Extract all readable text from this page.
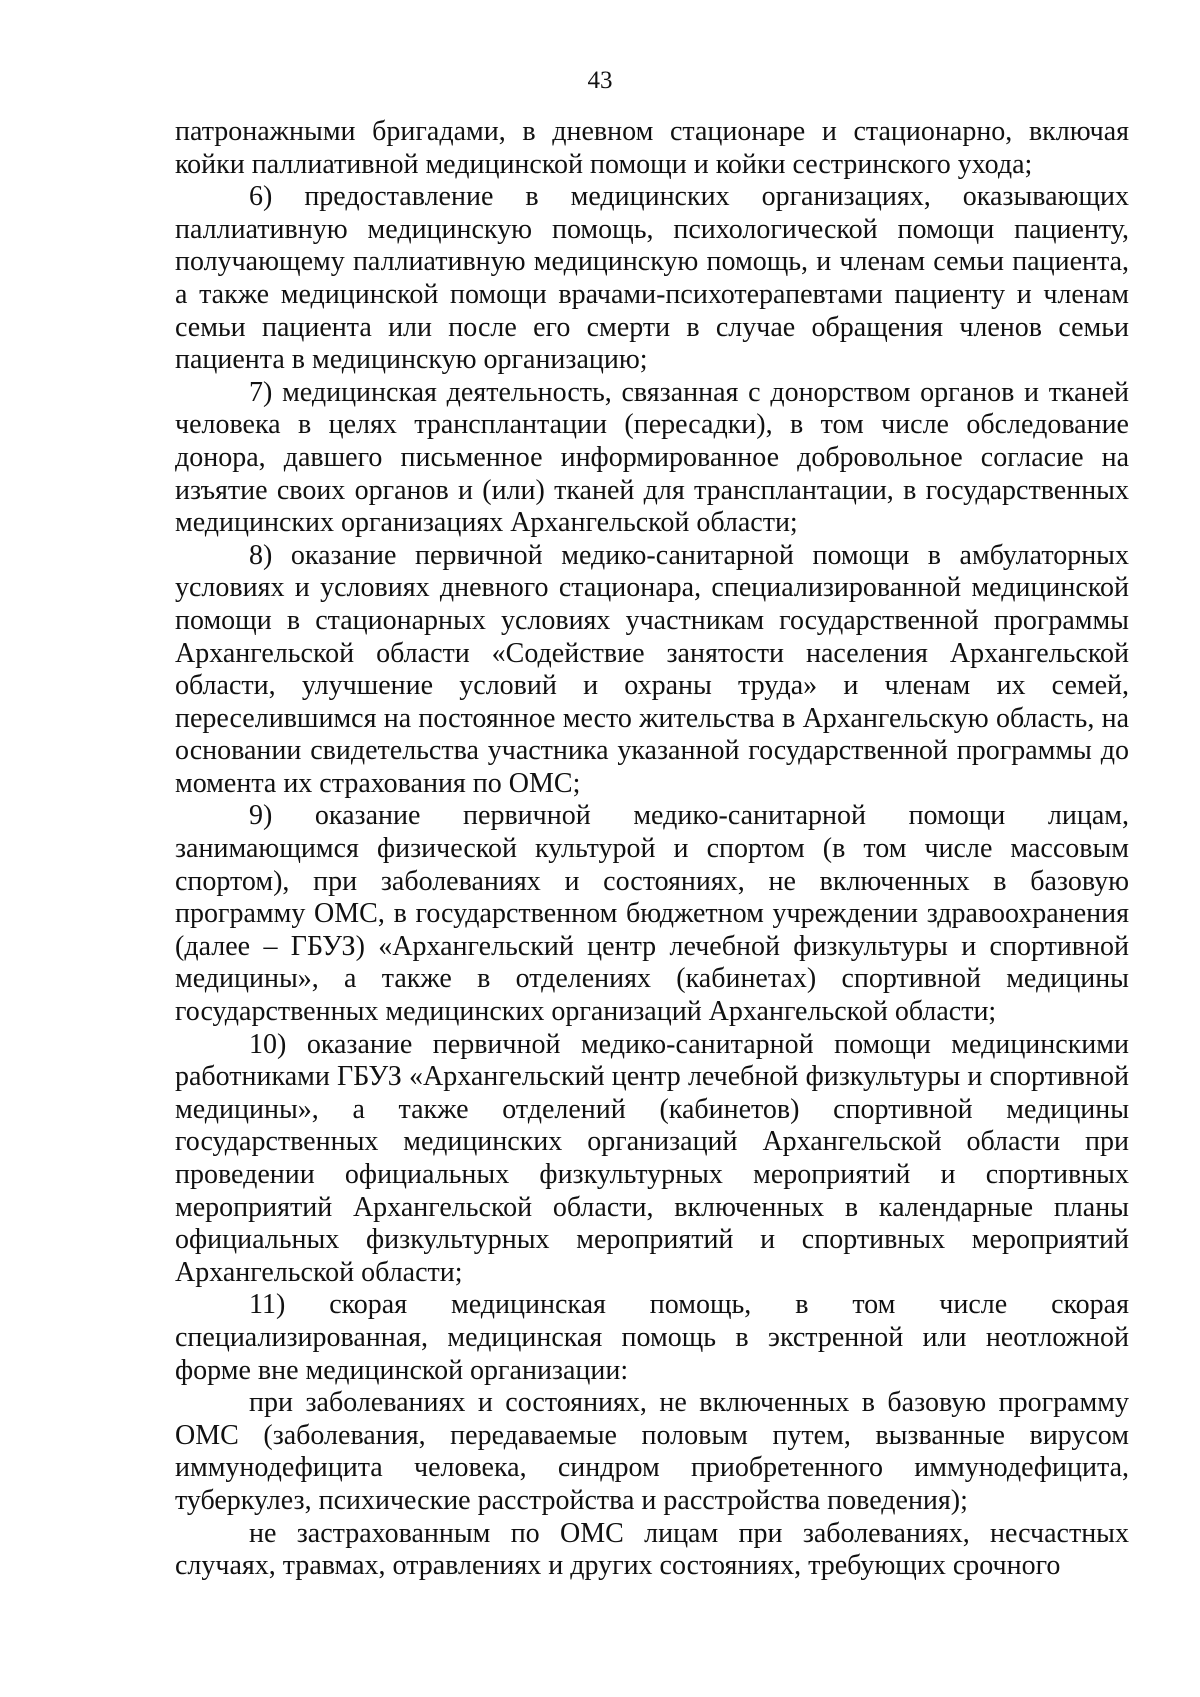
43

патронажными бригадами, в дневном стационаре и стационарно, включая койки паллиативной медицинской помощи и койки сестринского ухода;

6) предоставление в медицинских организациях, оказывающих паллиативную медицинскую помощь, психологической помощи пациенту, получающему паллиативную медицинскую помощь, и членам семьи пациента, а также медицинской помощи врачами-психотерапевтами пациенту и членам семьи пациента или после его смерти в случае обращения членов семьи пациента в медицинскую организацию;

7) медицинская деятельность, связанная с донорством органов и тканей человека в целях трансплантации (пересадки), в том числе обследование донора, давшего письменное информированное добровольное согласие на изъятие своих органов и (или) тканей для трансплантации, в государственных медицинских организациях Архангельской области;

8) оказание первичной медико-санитарной помощи в амбулаторных условиях и условиях дневного стационара, специализированной медицинской помощи в стационарных условиях участникам государственной программы Архангельской области «Содействие занятости населения Архангельской области, улучшение условий и охраны труда» и членам их семей, переселившимся на постоянное место жительства в Архангельскую область, на основании свидетельства участника указанной государственной программы до момента их страхования по ОМС;

9) оказание первичной медико-санитарной помощи лицам, занимающимся физической культурой и спортом (в том числе массовым спортом), при заболеваниях и состояниях, не включенных в базовую программу ОМС, в государственном бюджетном учреждении здравоохранения (далее – ГБУЗ) «Архангельский центр лечебной физкультуры и спортивной медицины», а также в отделениях (кабинетах) спортивной медицины государственных медицинских организаций Архангельской области;

10) оказание первичной медико-санитарной помощи медицинскими работниками ГБУЗ «Архангельский центр лечебной физкультуры и спортивной медицины», а также отделений (кабинетов) спортивной медицины государственных медицинских организаций Архангельской области при проведении официальных физкультурных мероприятий и спортивных мероприятий Архангельской области, включенных в календарные планы официальных физкультурных мероприятий и спортивных мероприятий Архангельской области;

11) скорая медицинская помощь, в том числе скорая специализированная, медицинская помощь в экстренной или неотложной форме вне медицинской организации:

при заболеваниях и состояниях, не включенных в базовую программу ОМС (заболевания, передаваемые половым путем, вызванные вирусом иммунодефицита человека, синдром приобретенного иммунодефицита, туберкулез, психические расстройства и расстройства поведения);

не застрахованным по ОМС лицам при заболеваниях, несчастных случаях, травмах, отравлениях и других состояниях, требующих срочного
